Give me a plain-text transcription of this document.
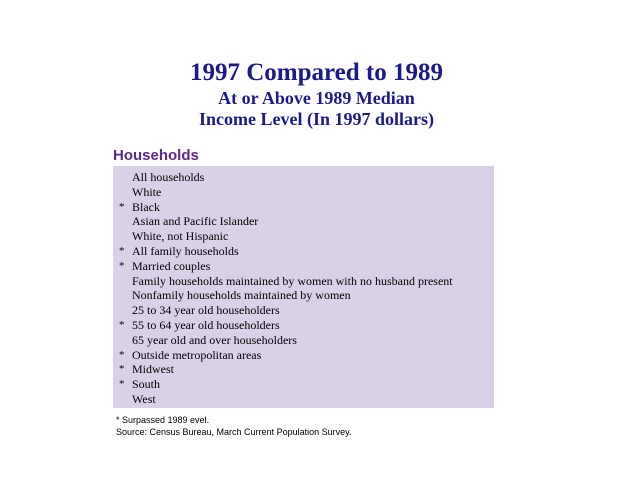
1997 Compared to 1989
At or Above 1989 Median
Income Level (In 1997 dollars)
Households
All households
White
* Black
Asian and Pacific Islander
White, not Hispanic
* All family households
* Married couples
Family households maintained by women with no husband present
Nonfamily households maintained by women
25 to 34 year old householders
* 55 to 64 year old householders
65 year old and over householders
* Outside metropolitan areas
* Midwest
* South
West
* Surpassed 1989 evel.
Source: Census Bureau, March Current Population Survey.
